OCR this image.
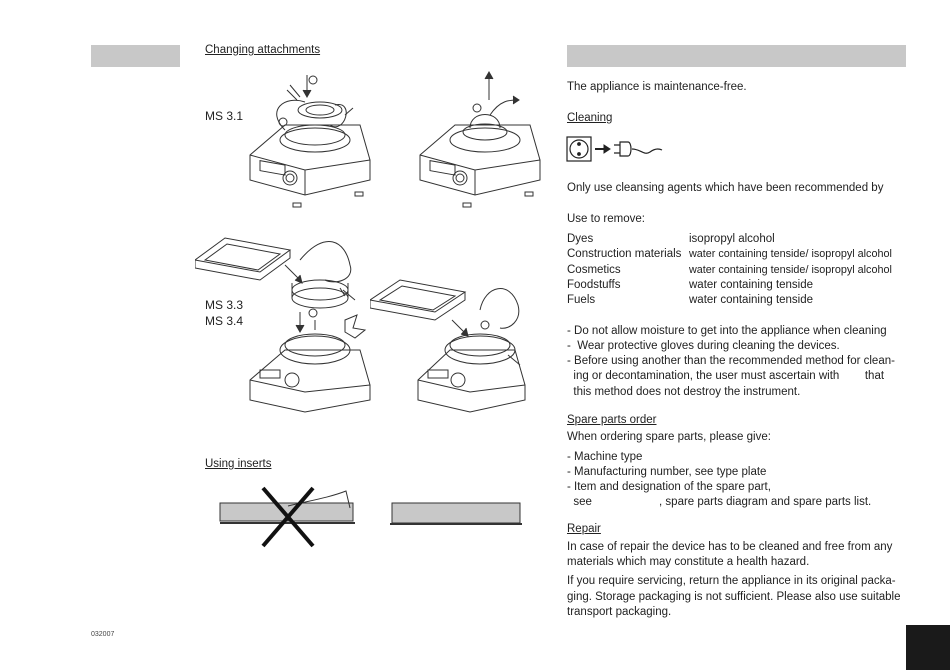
Changing attachments
MS 3.1
MS 3.3
MS 3.4
Using inserts
032007
The appliance is maintenance-free.
Cleaning
Only use cleansing agents which have been recommended by
Use to remove:
Dyes	isopropyl alcohol
Construction materials water containing tenside/ isopropyl alcohol
Cosmetics	water containing tenside/ isopropyl alcohol
Foodstuffs	water containing tenside
Fuels	water containing tenside
- Do not allow moisture to get into the appliance when cleaning
-  Wear protective gloves during cleaning the devices.
- Before using another than the recommended method for clean-
ing or decontamination, the user must ascertain with        that
this method does not destroy the instrument.
Spare parts order
When ordering spare parts, please give:
- Machine type
- Manufacturing number, see type plate
- Item and designation of the spare part,
see                     , spare parts diagram and spare parts list.
Repair
In case of repair the device has to be cleaned and free from any
materials which may constitute a health hazard.
If you require servicing, return the appliance in its original packa-
ging. Storage packaging is not sufficient. Please also use suitable
transport packaging.
